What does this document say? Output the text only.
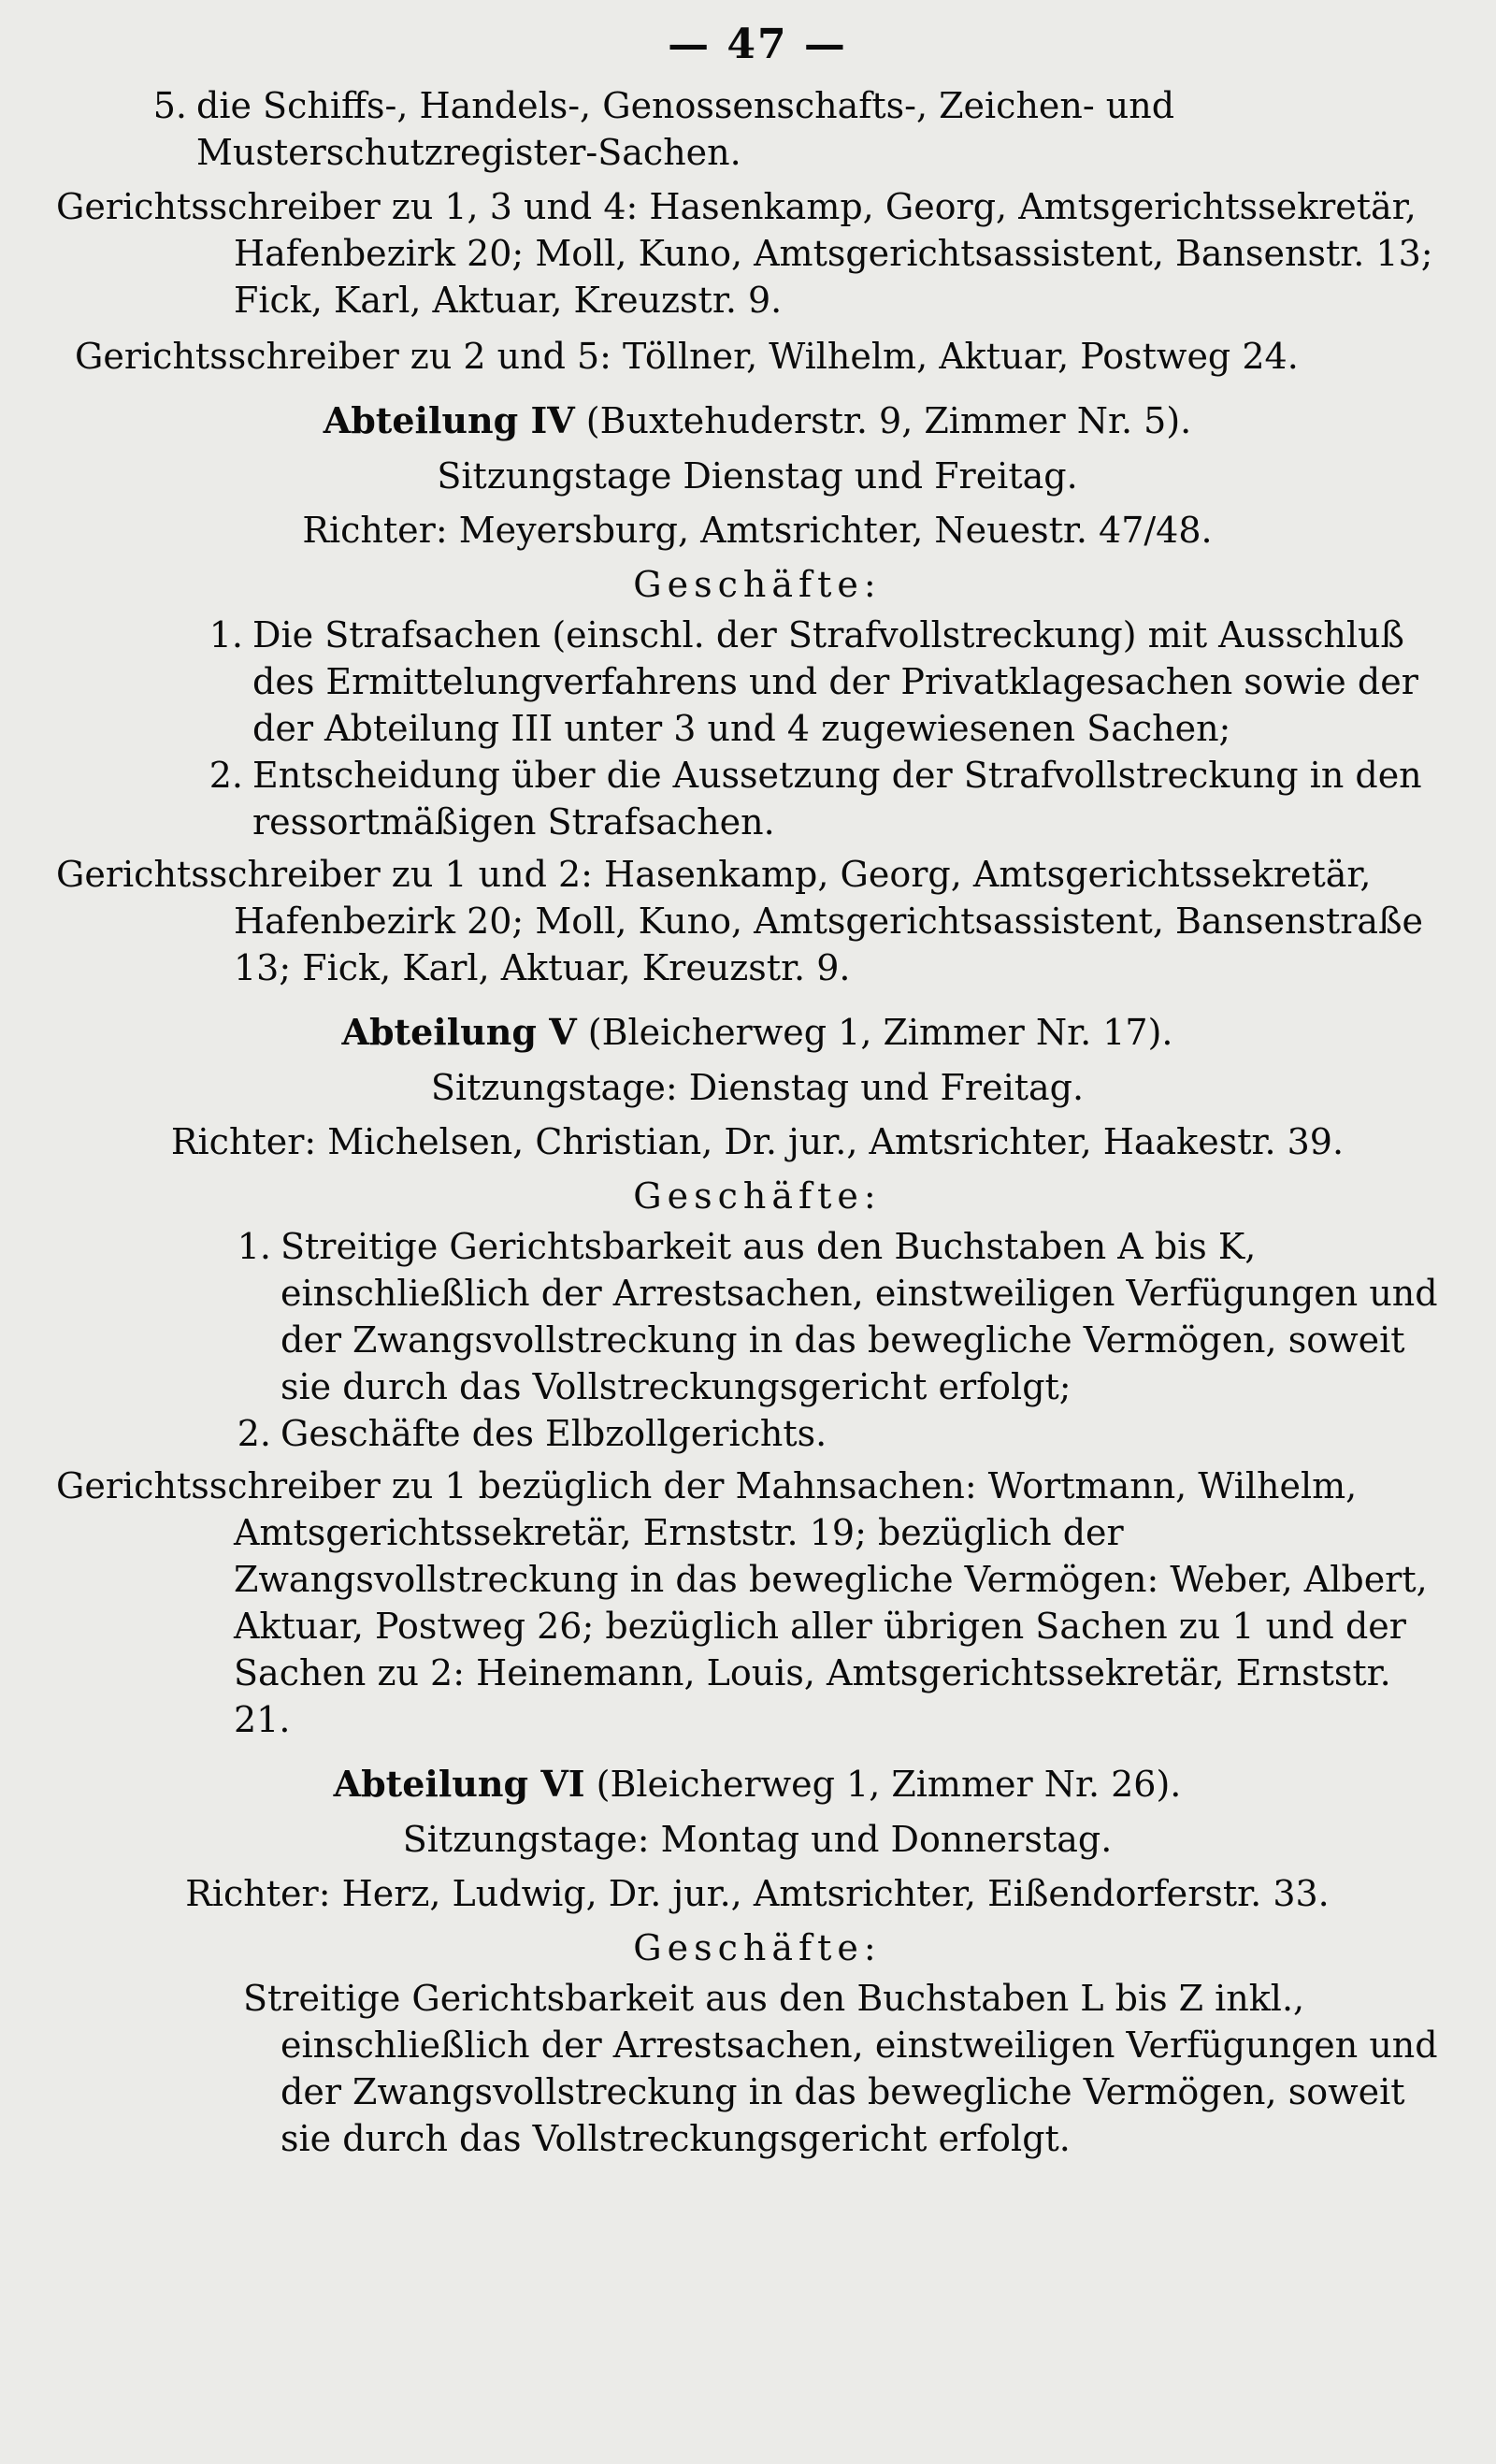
— 47 —
5. die Schiffs-, Handels-, Genossenschafts-, Zeichen- und Musterschutzregister-Sachen.

Gerichtsschreiber zu 1, 3 und 4: Hasenkamp, Georg, Amtsgerichtssekretär, Hafenbezirk 20; Moll, Kuno, Amtsgerichtsassistent, Bansenstr. 13; Fick, Karl, Aktuar, Kreuzstr. 9.

Gerichtsschreiber zu 2 und 5: Töllner, Wilhelm, Aktuar, Postweg 24.

Abteilung IV (Buxtehuderstr. 9, Zimmer Nr. 5).

Sitzungstage Dienstag und Freitag.

Richter: Meyersburg, Amtsrichter, Neuestr. 47/48.

Geschäfte:

1. Die Strafsachen (einschl. der Strafvollstreckung) mit Ausschluß des Ermittelungverfahrens und der Privatklagesachen sowie der der Abteilung III unter 3 und 4 zugewiesenen Sachen;
2. Entscheidung über die Aussetzung der Strafvollstreckung in den ressortmäßigen Strafsachen.

Gerichtsschreiber zu 1 und 2: Hasenkamp, Georg, Amtsgerichtssekretär, Hafenbezirk 20; Moll, Kuno, Amtsgerichtsassistent, Bansenstraße 13; Fick, Karl, Aktuar, Kreuzstr. 9.

Abteilung V (Bleicherweg 1, Zimmer Nr. 17).

Sitzungstage: Dienstag und Freitag.

Richter: Michelsen, Christian, Dr. jur., Amtsrichter, Haakestr. 39.

Geschäfte:

1. Streitige Gerichtsbarkeit aus den Buchstaben A bis K, einschließlich der Arrestsachen, einstweiligen Verfügungen und der Zwangsvollstreckung in das bewegliche Vermögen, soweit sie durch das Vollstreckungsgericht erfolgt;
2. Geschäfte des Elbzollgerichts.

Gerichtsschreiber zu 1 bezüglich der Mahnsachen: Wortmann, Wilhelm, Amtsgerichtssekretär, Ernststr. 19; bezüglich der Zwangsvollstreckung in das bewegliche Vermögen: Weber, Albert, Aktuar, Postweg 26; bezüglich aller übrigen Sachen zu 1 und der Sachen zu 2: Heinemann, Louis, Amtsgerichtssekretär, Ernststr. 21.

Abteilung VI (Bleicherweg 1, Zimmer Nr. 26).

Sitzungstage: Montag und Donnerstag.

Richter: Herz, Ludwig, Dr. jur., Amtsrichter, Eißendorferstr. 33.

Geschäfte:

Streitige Gerichtsbarkeit aus den Buchstaben L bis Z inkl., einschließlich der Arrestsachen, einstweiligen Verfügungen und der Zwangsvollstreckung in das bewegliche Vermögen, soweit sie durch das Vollstreckungsgericht erfolgt.
